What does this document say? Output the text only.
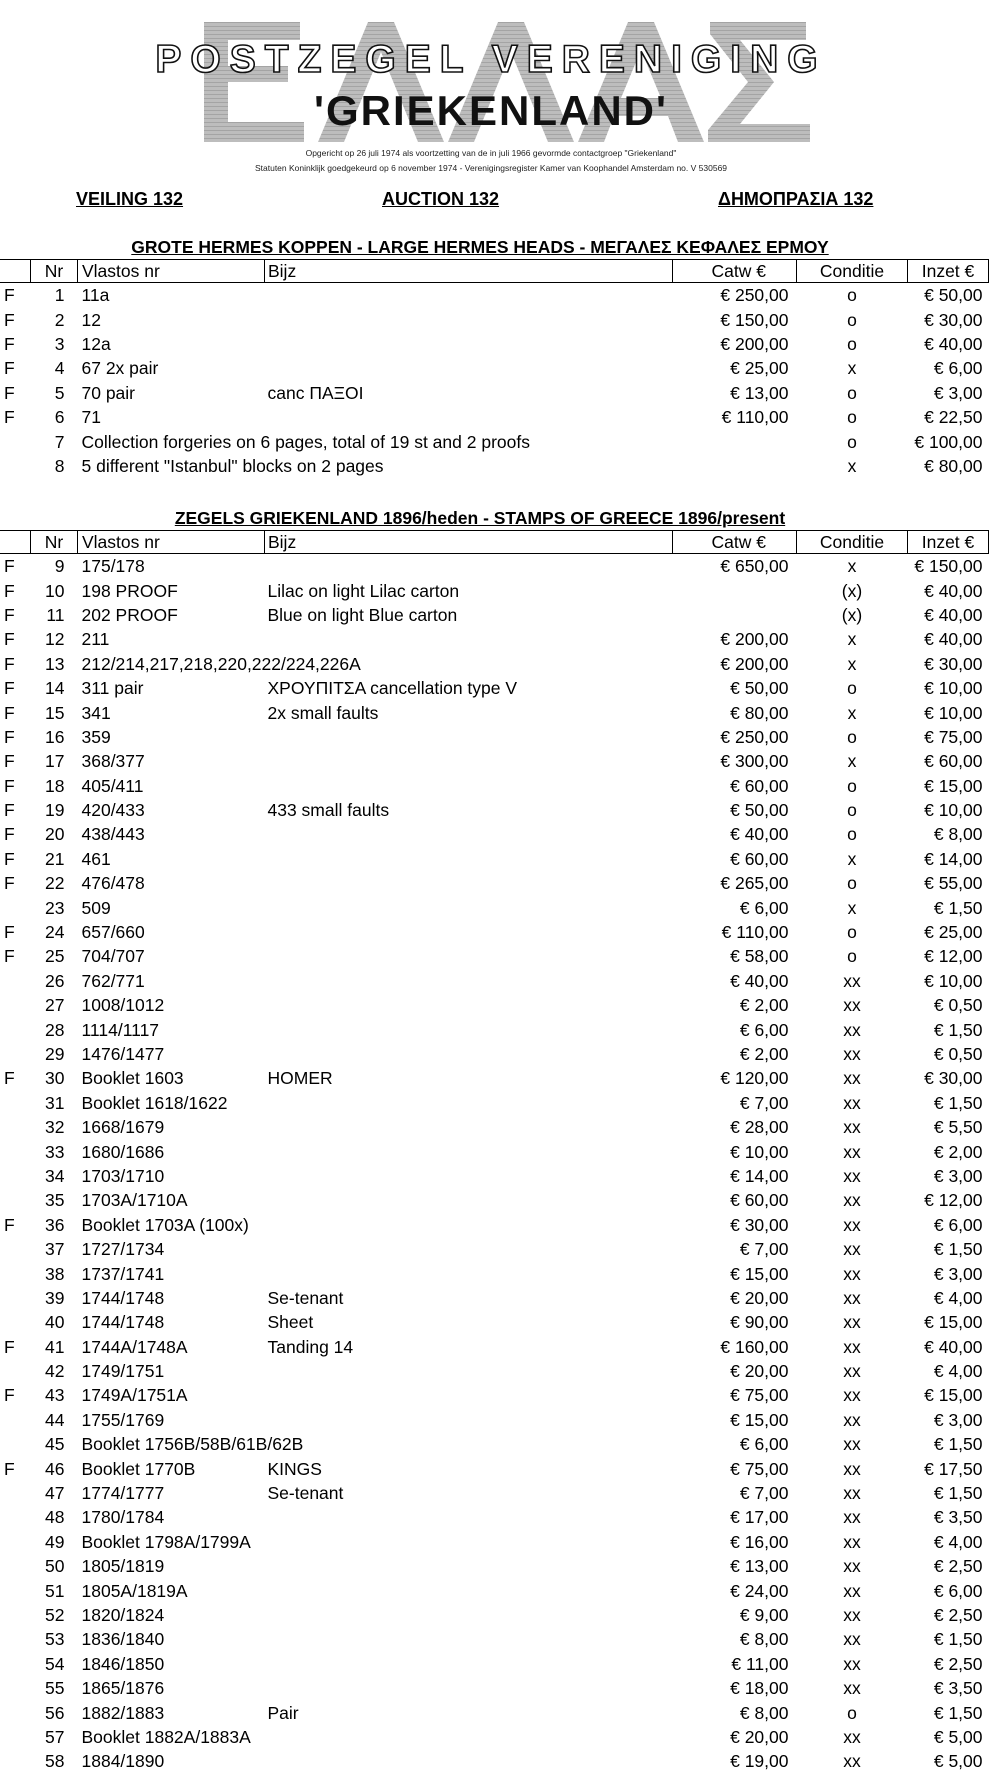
POSTZEGEL VERENIGING
'GRIEKENLAND'
Opgericht op 26 juli 1974 als voortzetting van de in juli 1966 gevormde contactgroep "Griekenland"
Statuten Koninklijk goedgekeurd op 6 november 1974 - Verenigingsregister Kamer van Koophandel Amsterdam no. V 530569
VEILING 132	AUCTION 132	ΔΗΜΟΠΡΑΣΙΑ 132
GROTE HERMES KOPPEN - LARGE HERMES HEADS - ΜΕΓΑΛΕΣ ΚΕΦΑΛΕΣ ΕΡΜΟΥ
	Nr	Vlastos nr	Bijz	Catw €	Conditie	Inzet €
F	1	11a		€ 250,00	o	€ 50,00
F	2	12		€ 150,00	o	€ 30,00
F	3	12a		€ 200,00	o	€ 40,00
F	4	67 2x pair		€ 25,00	x	€ 6,00
F	5	70 pair	canc ΠΑΞΟΙ	€ 13,00	o	€ 3,00
F	6	71		€ 110,00	o	€ 22,50
	7	Collection forgeries on 6 pages, total of 19 st and 2 proofs			o	€ 100,00
	8	5 different "Istanbul" blocks on 2 pages			x	€ 80,00
ZEGELS GRIEKENLAND 1896/heden - STAMPS OF GREECE 1896/present
	Nr	Vlastos nr	Bijz	Catw €	Conditie	Inzet €
F	9	175/178		€ 650,00	x	€ 150,00
F	10	198 PROOF	Lilac on light Lilac carton		(x)	€ 40,00
F	11	202 PROOF	Blue on light Blue carton		(x)	€ 40,00
F	12	211		€ 200,00	x	€ 40,00
F	13	212/214,217,218,220,222/224,226A		€ 200,00	x	€ 30,00
F	14	311 pair	ΧΡΟΥΠΙΤΣΑ cancellation type V	€ 50,00	o	€ 10,00
F	15	341	2x small faults	€ 80,00	x	€ 10,00
F	16	359		€ 250,00	o	€ 75,00
F	17	368/377		€ 300,00	x	€ 60,00
F	18	405/411		€ 60,00	o	€ 15,00
F	19	420/433	433 small faults	€ 50,00	o	€ 10,00
F	20	438/443		€ 40,00	o	€ 8,00
F	21	461		€ 60,00	x	€ 14,00
F	22	476/478		€ 265,00	o	€ 55,00
	23	509		€ 6,00	x	€ 1,50
F	24	657/660		€ 110,00	o	€ 25,00
F	25	704/707		€ 58,00	o	€ 12,00
	26	762/771		€ 40,00	xx	€ 10,00
	27	1008/1012		€ 2,00	xx	€ 0,50
	28	1114/1117		€ 6,00	xx	€ 1,50
	29	1476/1477		€ 2,00	xx	€ 0,50
F	30	Booklet 1603	HOMER	€ 120,00	xx	€ 30,00
	31	Booklet 1618/1622		€ 7,00	xx	€ 1,50
	32	1668/1679		€ 28,00	xx	€ 5,50
	33	1680/1686		€ 10,00	xx	€ 2,00
	34	1703/1710		€ 14,00	xx	€ 3,00
	35	1703A/1710A		€ 60,00	xx	€ 12,00
F	36	Booklet 1703A (100x)		€ 30,00	xx	€ 6,00
	37	1727/1734		€ 7,00	xx	€ 1,50
	38	1737/1741		€ 15,00	xx	€ 3,00
	39	1744/1748	Se-tenant	€ 20,00	xx	€ 4,00
	40	1744/1748	Sheet	€ 90,00	xx	€ 15,00
F	41	1744A/1748A	Tanding 14	€ 160,00	xx	€ 40,00
	42	1749/1751		€ 20,00	xx	€ 4,00
F	43	1749A/1751A		€ 75,00	xx	€ 15,00
	44	1755/1769		€ 15,00	xx	€ 3,00
	45	Booklet 1756B/58B/61B/62B		€ 6,00	xx	€ 1,50
F	46	Booklet 1770B	KINGS	€ 75,00	xx	€ 17,50
	47	1774/1777	Se-tenant	€ 7,00	xx	€ 1,50
	48	1780/1784		€ 17,00	xx	€ 3,50
	49	Booklet 1798A/1799A		€ 16,00	xx	€ 4,00
	50	1805/1819		€ 13,00	xx	€ 2,50
	51	1805A/1819A		€ 24,00	xx	€ 6,00
	52	1820/1824		€ 9,00	xx	€ 2,50
	53	1836/1840		€ 8,00	xx	€ 1,50
	54	1846/1850		€ 11,00	xx	€ 2,50
	55	1865/1876		€ 18,00	xx	€ 3,50
	56	1882/1883	Pair	€ 8,00	o	€ 1,50
	57	Booklet 1882A/1883A		€ 20,00	xx	€ 5,00
	58	1884/1890		€ 19,00	xx	€ 5,00
